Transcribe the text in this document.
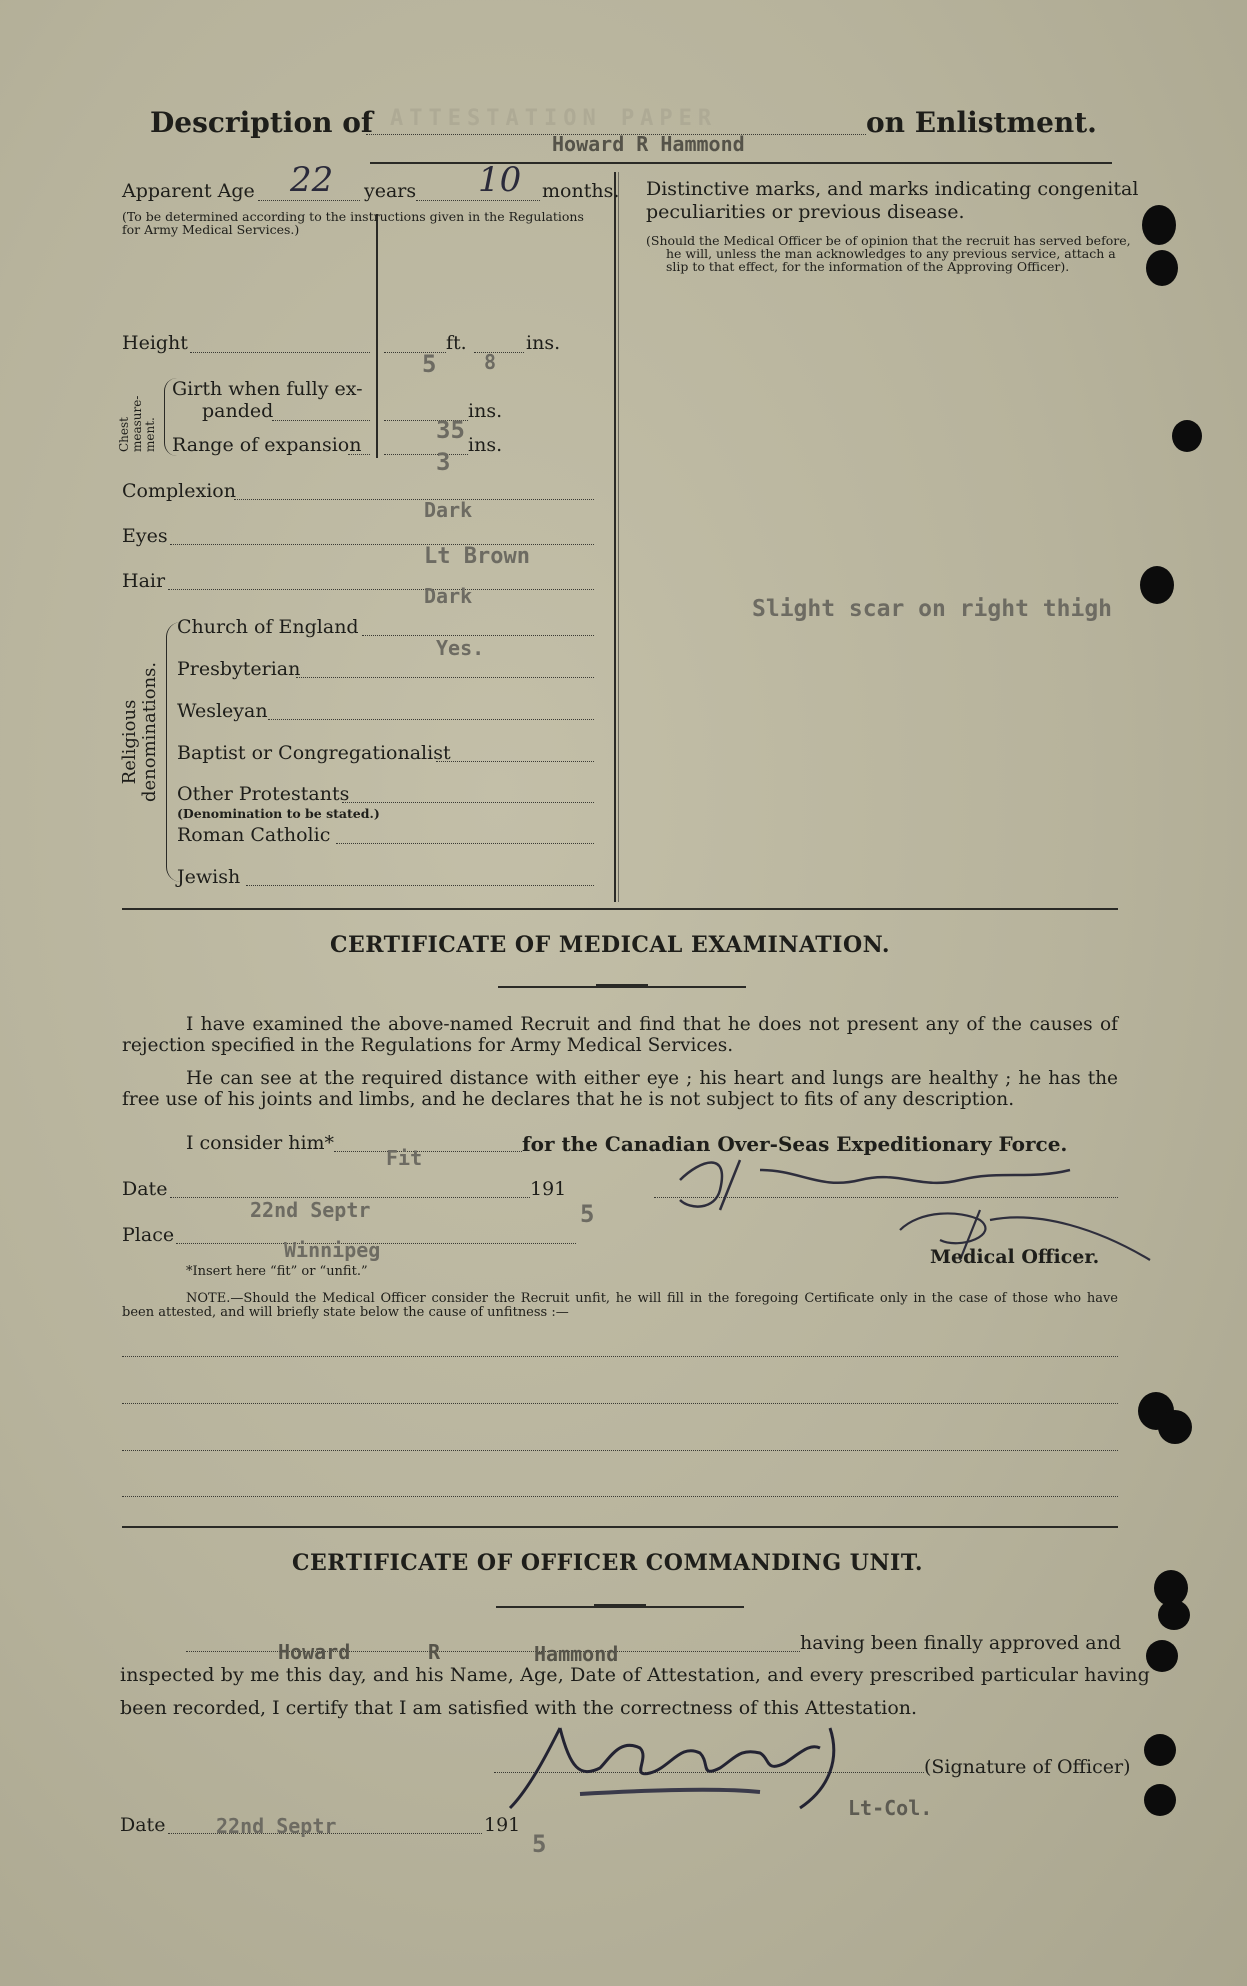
Description of ATTESTATION PAPER
Howard R Hammond
on Enlistment.
Apparent Age 22 years 10 months.
(To be determined according to the instructions given in the Regulations for Army Medical Services.)
Height	ft.	ins.
5 8
Chest measure- ment.
Girth when fully ex-
panded
35
ins.
Range of expansion
3
ins.
Complexion
Dark
Eyes
Lt Brown
Hair
Dark
Religious denominations.
Church of England
Yes.
Presbyterian
Wesleyan
Baptist or Congregationalist
Other Protestants
(Denomination to be stated.)
Roman Catholic
Jewish
Distinctive marks, and marks indicating congenital
peculiarities or previous disease.
(Should the Medical Officer be of opinion that the recruit has served before, he will, unless the man acknowledges to any previous service, attach a slip to that effect, for the information of the Approving Officer).
Slight scar on right thigh
CERTIFICATE OF MEDICAL EXAMINATION.
I have examined the above-named Recruit and find that he does not present any of the causes of rejection specified in the Regulations for Army Medical Services.
He can see at the required distance with either eye ; his heart and lungs are healthy ; he has the free use of his joints and limbs, and he declares that he is not subject to fits of any description.
I consider him*
Fit
for the Canadian Over-Seas Expeditionary Force.
Date
22nd Septr
191
5
Place
Winnipeg
*Insert here “fit” or “unfit.”
Medical Officer.
NOTE.—Should the Medical Officer consider the Recruit unfit, he will fill in the foregoing Certificate only in the case of those who have been attested, and will briefly state below the cause of unfitness :—
CERTIFICATE OF OFFICER COMMANDING UNIT.
Howard	R	Hammond	having been finally approved and
inspected by me this day, and his Name, Age, Date of Attestation, and every prescribed particular having
been recorded, I certify that I am satisfied with the correctness of this Attestation.
(Signature of Officer)
Lt-Col.
Date	22nd Septr	191
5
